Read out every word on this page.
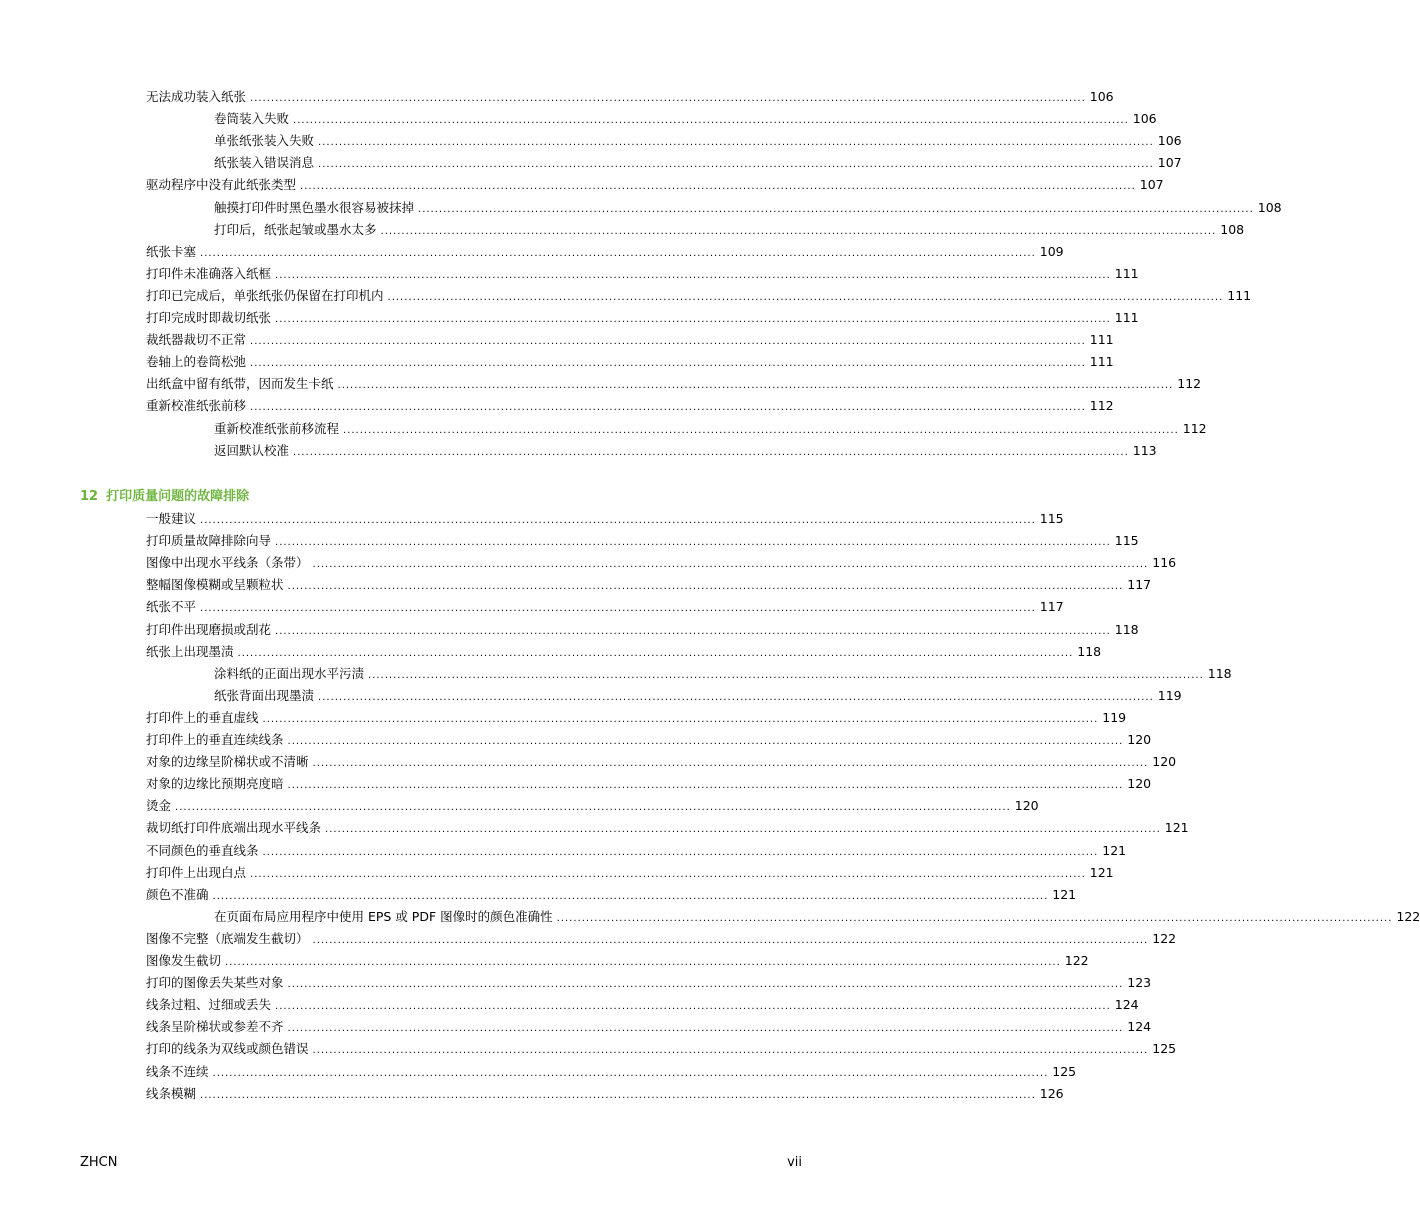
无法成功装入纸张 ........................................................................................................................................................................................................ 106
卷筒装入失败 ........................................................................................................................................................................................................ 106
单张纸张装入失败 ........................................................................................................................................................................................................ 106
纸张装入错误消息 ........................................................................................................................................................................................................ 107
驱动程序中没有此纸张类型 ........................................................................................................................................................................................................ 107
触摸打印件时黑色墨水很容易被抹掉 ........................................................................................................................................................................................................ 108
打印后，纸张起皱或墨水太多 ........................................................................................................................................................................................................ 108
纸张卡塞 ........................................................................................................................................................................................................ 109
打印件未准确落入纸框 ........................................................................................................................................................................................................ 111
打印已完成后，单张纸张仍保留在打印机内 ........................................................................................................................................................................................................ 111
打印完成时即裁切纸张 ........................................................................................................................................................................................................ 111
裁纸器裁切不正常 ........................................................................................................................................................................................................ 111
卷轴上的卷筒松弛 ........................................................................................................................................................................................................ 111
出纸盒中留有纸带，因而发生卡纸 ........................................................................................................................................................................................................ 112
重新校准纸张前移 ........................................................................................................................................................................................................ 112
重新校准纸张前移流程 ........................................................................................................................................................................................................ 112
返回默认校准 ........................................................................................................................................................................................................ 113
一般建议 ........................................................................................................................................................................................................ 115
打印质量故障排除向导 ........................................................................................................................................................................................................ 115
图像中出现水平线条（条带） ........................................................................................................................................................................................................ 116
整幅图像模糊或呈颗粒状 ........................................................................................................................................................................................................ 117
纸张不平 ........................................................................................................................................................................................................ 117
打印件出现磨损或刮花 ........................................................................................................................................................................................................ 118
纸张上出现墨渍 ........................................................................................................................................................................................................ 118
涂料纸的正面出现水平污渍 ........................................................................................................................................................................................................ 118
纸张背面出现墨渍 ........................................................................................................................................................................................................ 119
打印件上的垂直虚线 ........................................................................................................................................................................................................ 119
打印件上的垂直连续线条 ........................................................................................................................................................................................................ 120
对象的边缘呈阶梯状或不清晰 ........................................................................................................................................................................................................ 120
对象的边缘比预期亮度暗 ........................................................................................................................................................................................................ 120
烫金 ........................................................................................................................................................................................................ 120
裁切纸打印件底端出现水平线条 ........................................................................................................................................................................................................ 121
不同颜色的垂直线条 ........................................................................................................................................................................................................ 121
打印件上出现白点 ........................................................................................................................................................................................................ 121
颜色不准确 ........................................................................................................................................................................................................ 121
在页面布局应用程序中使用 EPS 或 PDF 图像时的颜色准确性 ........................................................................................................................................................................................................ 122
图像不完整（底端发生截切） ........................................................................................................................................................................................................ 122
图像发生截切 ........................................................................................................................................................................................................ 122
打印的图像丢失某些对象 ........................................................................................................................................................................................................ 123
线条过粗、过细或丢失 ........................................................................................................................................................................................................ 124
线条呈阶梯状或参差不齐 ........................................................................................................................................................................................................ 124
打印的线条为双线或颜色错误 ........................................................................................................................................................................................................ 125
线条不连续 ........................................................................................................................................................................................................ 125
线条模糊 ........................................................................................................................................................................................................ 126
12 打印质量问题的故障排除
ZHCN	vii
